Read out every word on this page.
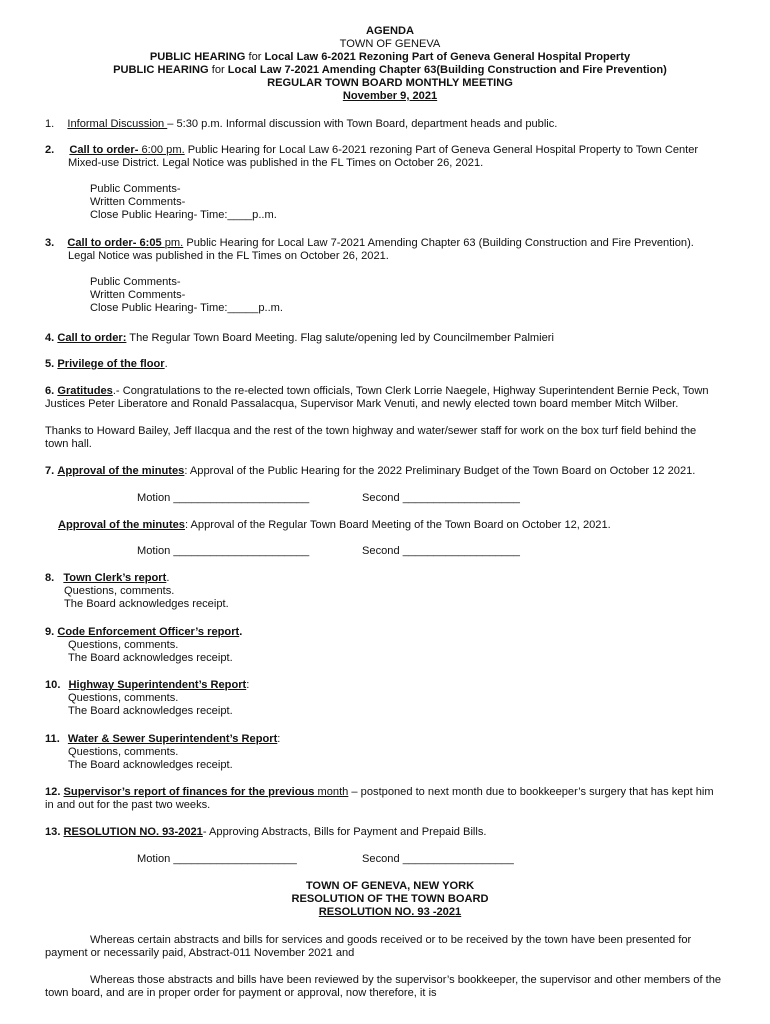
AGENDA
TOWN OF GENEVA
PUBLIC HEARING for Local Law 6-2021 Rezoning Part of Geneva General Hospital Property
PUBLIC HEARING for Local Law 7-2021 Amending Chapter 63(Building Construction and Fire Prevention)
REGULAR TOWN BOARD MONTHLY MEETING
November 9, 2021
1. Informal Discussion – 5:30 p.m. Informal discussion with Town Board, department heads and public.
2. Call to order- 6:00 pm. Public Hearing for Local Law 6-2021 rezoning Part of Geneva General Hospital Property to Town Center
Mixed-use District. Legal Notice was published in the FL Times on October 26, 2021.
Public Comments-
Written Comments-
Close Public Hearing- Time:____p..m.
3. Call to order- 6:05 pm. Public Hearing for Local Law 7-2021 Amending Chapter 63 (Building Construction and Fire Prevention).
Legal Notice was published in the FL Times on October 26, 2021.
Public Comments-
Written Comments-
Close Public Hearing- Time:_____p..m.
4. Call to order: The Regular Town Board Meeting. Flag salute/opening led by Councilmember Palmieri
5. Privilege of the floor.
6. Gratitudes.- Congratulations to the re-elected town officials, Town Clerk Lorrie Naegele, Highway Superintendent Bernie Peck, Town
Justices Peter Liberatore and Ronald Passalacqua, Supervisor Mark Venuti, and newly elected town board member Mitch Wilber.
Thanks to Howard Bailey, Jeff Ilacqua and the rest of the town highway and water/sewer staff for work on the box turf field behind the
town hall.
7. Approval of the minutes: Approval of the Public Hearing for the 2022 Preliminary Budget of the Town Board on October 12 2021.
Motion ______________________	Second ___________________
Approval of the minutes: Approval of the Regular Town Board Meeting of the Town Board on October 12, 2021.
Motion ______________________	Second ___________________
8. Town Clerk’s report.
Questions, comments.
The Board acknowledges receipt.
9. Code Enforcement Officer’s report.
Questions, comments.
The Board acknowledges receipt.
10. Highway Superintendent’s Report:
Questions, comments.
The Board acknowledges receipt.
11. Water & Sewer Superintendent’s Report:
Questions, comments.
The Board acknowledges receipt.
12. Supervisor’s report of finances for the previous month – postponed to next month due to bookkeeper’s surgery that has kept him
in and out for the past two weeks.
13. RESOLUTION NO. 93-2021- Approving Abstracts, Bills for Payment and Prepaid Bills.
Motion ____________________	Second __________________
TOWN OF GENEVA, NEW YORK
RESOLUTION OF THE TOWN BOARD
RESOLUTION NO. 93 -2021
Whereas certain abstracts and bills for services and goods received or to be received by the town have been presented for
payment or necessarily paid, Abstract-011 November 2021 and
Whereas those abstracts and bills have been reviewed by the supervisor’s bookkeeper, the supervisor and other members of the
town board, and are in proper order for payment or approval, now therefore, it is
